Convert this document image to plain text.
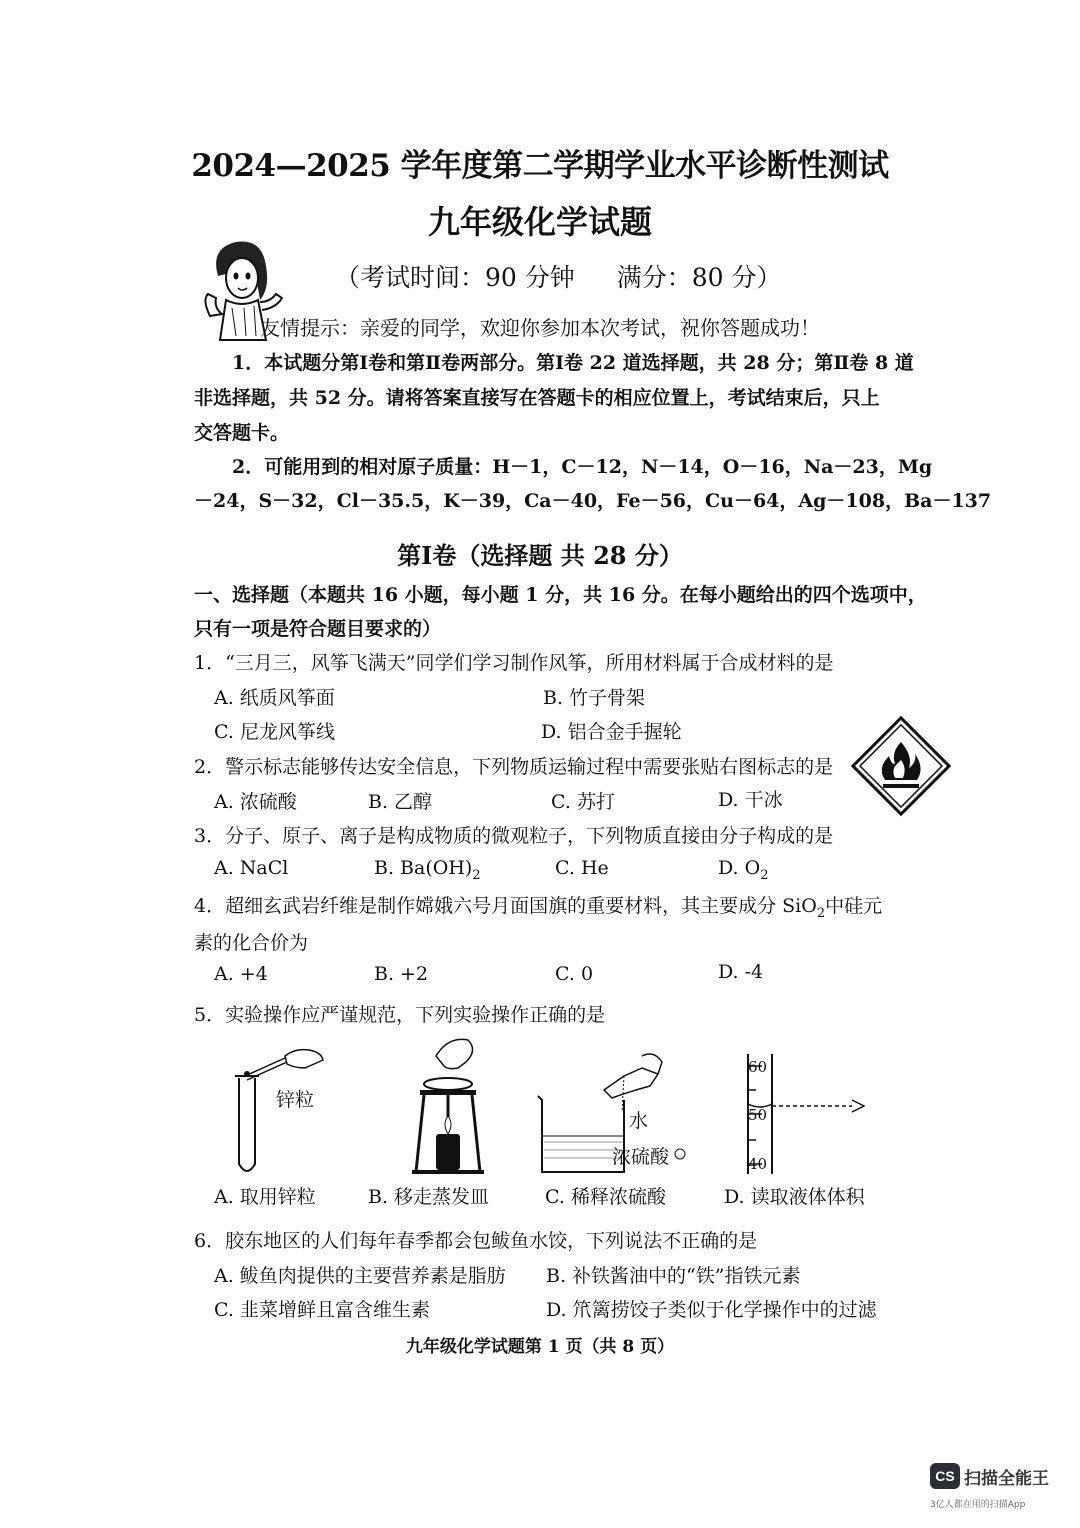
2024—2025 学年度第二学期学业水平诊断性测试
九年级化学试题
（考试时间：90 分钟 满分：80 分）
友情提示：亲爱的同学，欢迎你参加本次考试，祝你答题成功！
1．本试题分第Ⅰ卷和第Ⅱ卷两部分。第Ⅰ卷 22 道选择题，共 28 分；第Ⅱ卷 8 道
非选择题，共 52 分。请将答案直接写在答题卡的相应位置上，考试结束后，只上
交答题卡。
2．可能用到的相对原子质量：H－1，C－12，N－14，O－16，Na－23，Mg
－24，S－32，Cl－35.5，K－39，Ca－40，Fe－56，Cu－64，Ag－108，Ba－137
第Ⅰ卷（选择题 共 28 分）
一、选择题（本题共 16 小题，每小题 1 分，共 16 分。在每小题给出的四个选项中，
只有一项是符合题目要求的）
1．“三月三，风筝飞满天”同学们学习制作风筝，所用材料属于合成材料的是
A. 纸质风筝面	B. 竹子骨架
C. 尼龙风筝线	D. 铝合金手握轮
2．警示标志能够传达安全信息，下列物质运输过程中需要张贴右图标志的是
A. 浓硫酸	B. 乙醇	C. 苏打	D. 干冰
3．分子、原子、离子是构成物质的微观粒子，下列物质直接由分子构成的是
A. NaCl	B. $Ba(OH)_2$	C. He	D. $O_2$
4．超细玄武岩纤维是制作嫦娥六号月面国旗的重要材料，其主要成分 SiO$_2$中硅元
素的化合价为
A. +4	B. +2	C. 0	D. -4
5．实验操作应严谨规范，下列实验操作正确的是
锌粒
水
浓硫酸
60
50
40
A. 取用锌粒	B. 移走蒸发皿	C. 稀释浓硫酸	D. 读取液体体积
6．胶东地区的人们每年春季都会包鲅鱼水饺，下列说法不正确的是
A. 鲅鱼肉提供的主要营养素是脂肪 B. 补铁酱油中的“铁”指铁元素
C. 韭菜增鲜且富含维生素	D. 笊篱捞饺子类似于化学操作中的过滤
九年级化学试题第 1 页（共 8 页）
CS 扫描全能王
3亿人都在用的扫描App
